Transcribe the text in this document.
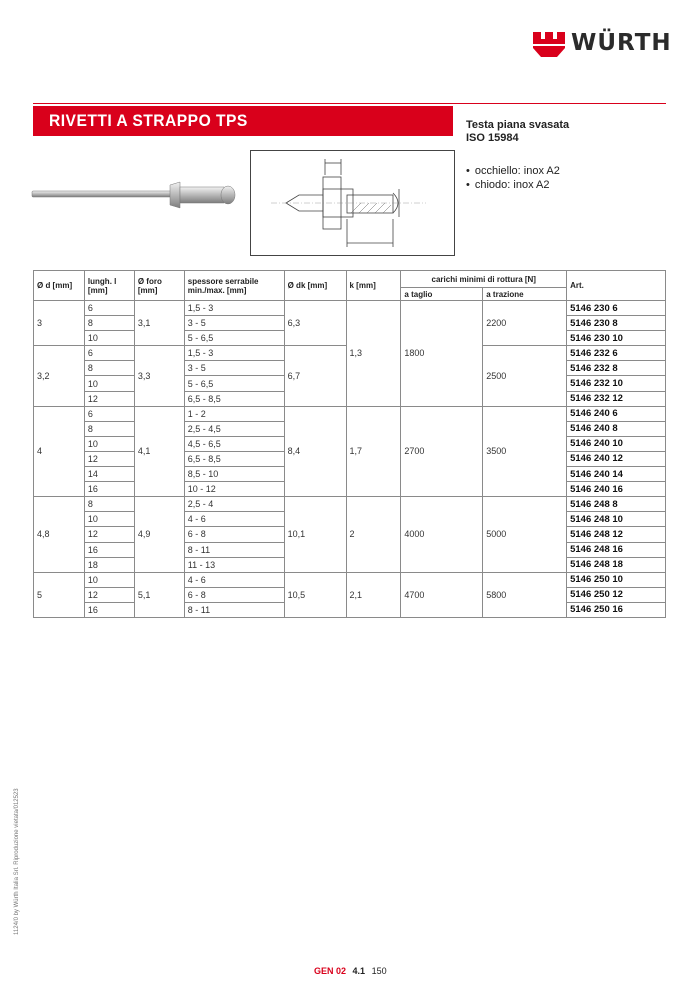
WÜRTH
RIVETTI A STRAPPO TPS	Testa piana svasata
ISO 15984
• occhiello: inox A2
• chiodo: inox A2
Ø d [mm]	lungh. l [mm]	Ø foro [mm]	spessore serrabile min./max. [mm]	Ø dk [mm]	k [mm]	carichi minimi di rottura [N]		Art.
						a taglio	a trazione	
3	6	3,1	1,5 - 3	6,3	1,3	1800	2200	5146 230 6
	8		3 - 5					5146 230 8
	10		5 - 6,5					5146 230 10
3,2	6	3,3	1,5 - 3	6,7			2500	5146 232 6
	8		3 - 5					5146 232 8
	10		5 - 6,5					5146 232 10
	12		6,5 - 8,5					5146 232 12
4	6	4,1	1 - 2	8,4	1,7	2700	3500	5146 240 6
	8		2,5 - 4,5					5146 240 8
	10		4,5 - 6,5					5146 240 10
	12		6,5 - 8,5					5146 240 12
	14		8,5 - 10					5146 240 14
	16		10 - 12					5146 240 16
4,8	8	4,9	2,5 - 4	10,1	2	4000	5000	5146 248 8
	10		4 - 6					5146 248 10
	12		6 - 8					5146 248 12
	16		8 - 11					5146 248 16
	18		11 - 13					5146 248 18
5	10	5,1	4 - 6	10,5	2,1	4700	5800	5146 250 10
	12		6 - 8					5146 250 12
	16		8 - 11					5146 250 16
1124/0 by Würth Italia Srl. Riproduzione vietata/012523
GEN 02 4.1 150
